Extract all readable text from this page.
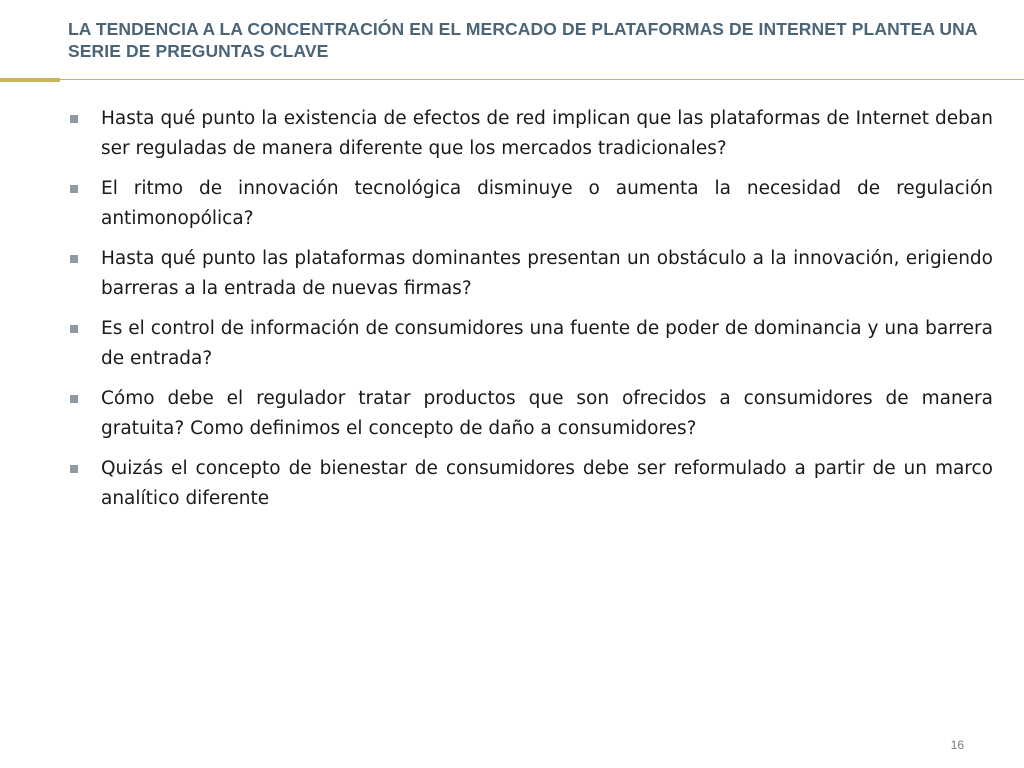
LA TENDENCIA A LA CONCENTRACIÓN EN EL MERCADO DE PLATAFORMAS DE INTERNET PLANTEA UNA SERIE DE PREGUNTAS CLAVE
Hasta qué punto la existencia de efectos de red implican que las plataformas de Internet deban ser reguladas de manera diferente que los mercados tradicionales?
El ritmo de innovación tecnológica disminuye o aumenta la necesidad de regulación antimonopólica?
Hasta qué punto las plataformas dominantes presentan un obstáculo a la innovación, erigiendo barreras a la entrada de nuevas firmas?
Es el control de información de consumidores una fuente de poder de dominancia y una barrera de entrada?
Cómo debe el regulador tratar productos que son ofrecidos a consumidores de manera gratuita? Como definimos el concepto de daño a consumidores?
Quizás el concepto de bienestar de consumidores debe ser reformulado a partir de un marco analítico diferente
16
